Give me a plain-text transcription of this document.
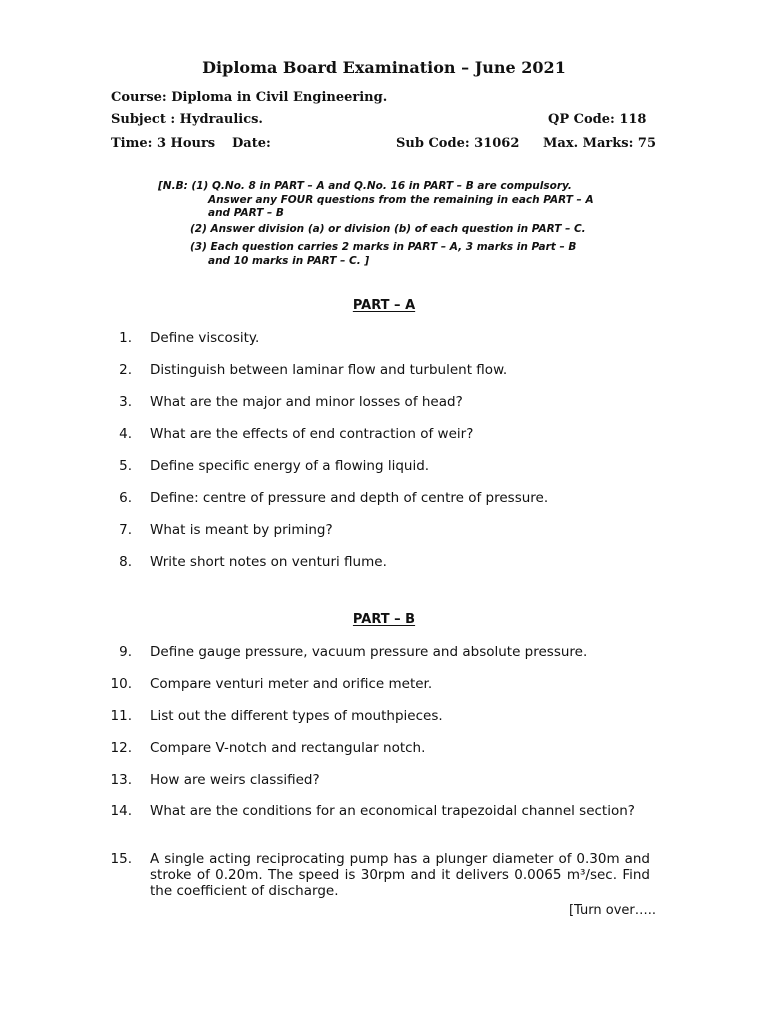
Diploma Board Examination – June 2021
Course: Diploma in Civil Engineering.
Subject : Hydraulics.	QP Code: 118
Time: 3 Hours Date:	Sub Code: 31062 Max. Marks: 75
[N.B: (1) Q.No. 8 in PART – A and Q.No. 16 in PART – B are compulsory.
Answer any FOUR questions from the remaining in each PART – A
and PART – B
(2) Answer division (a) or division (b) of each question in PART – C.
(3) Each question carries 2 marks in PART – A, 3 marks in Part – B
and 10 marks in PART – C. ]
PART – A
1. Define viscosity.
2. Distinguish between laminar flow and turbulent flow.
3. What are the major and minor losses of head?
4. What are the effects of end contraction of weir?
5. Define specific energy of a flowing liquid.
6. Define: centre of pressure and depth of centre of pressure.
7. What is meant by priming?
8. Write short notes on venturi flume.
PART – B
9. Define gauge pressure, vacuum pressure and absolute pressure.
10. Compare venturi meter and orifice meter.
11. List out the different types of mouthpieces.
12. Compare V-notch and rectangular notch.
13. How are weirs classified?
14. What are the conditions for an economical trapezoidal channel section?
15. A single acting reciprocating pump has a plunger diameter of 0.30m and stroke of 0.20m. The speed is 30rpm and it delivers 0.0065 m³/sec. Find the coefficient of discharge.
[Turn over…..
